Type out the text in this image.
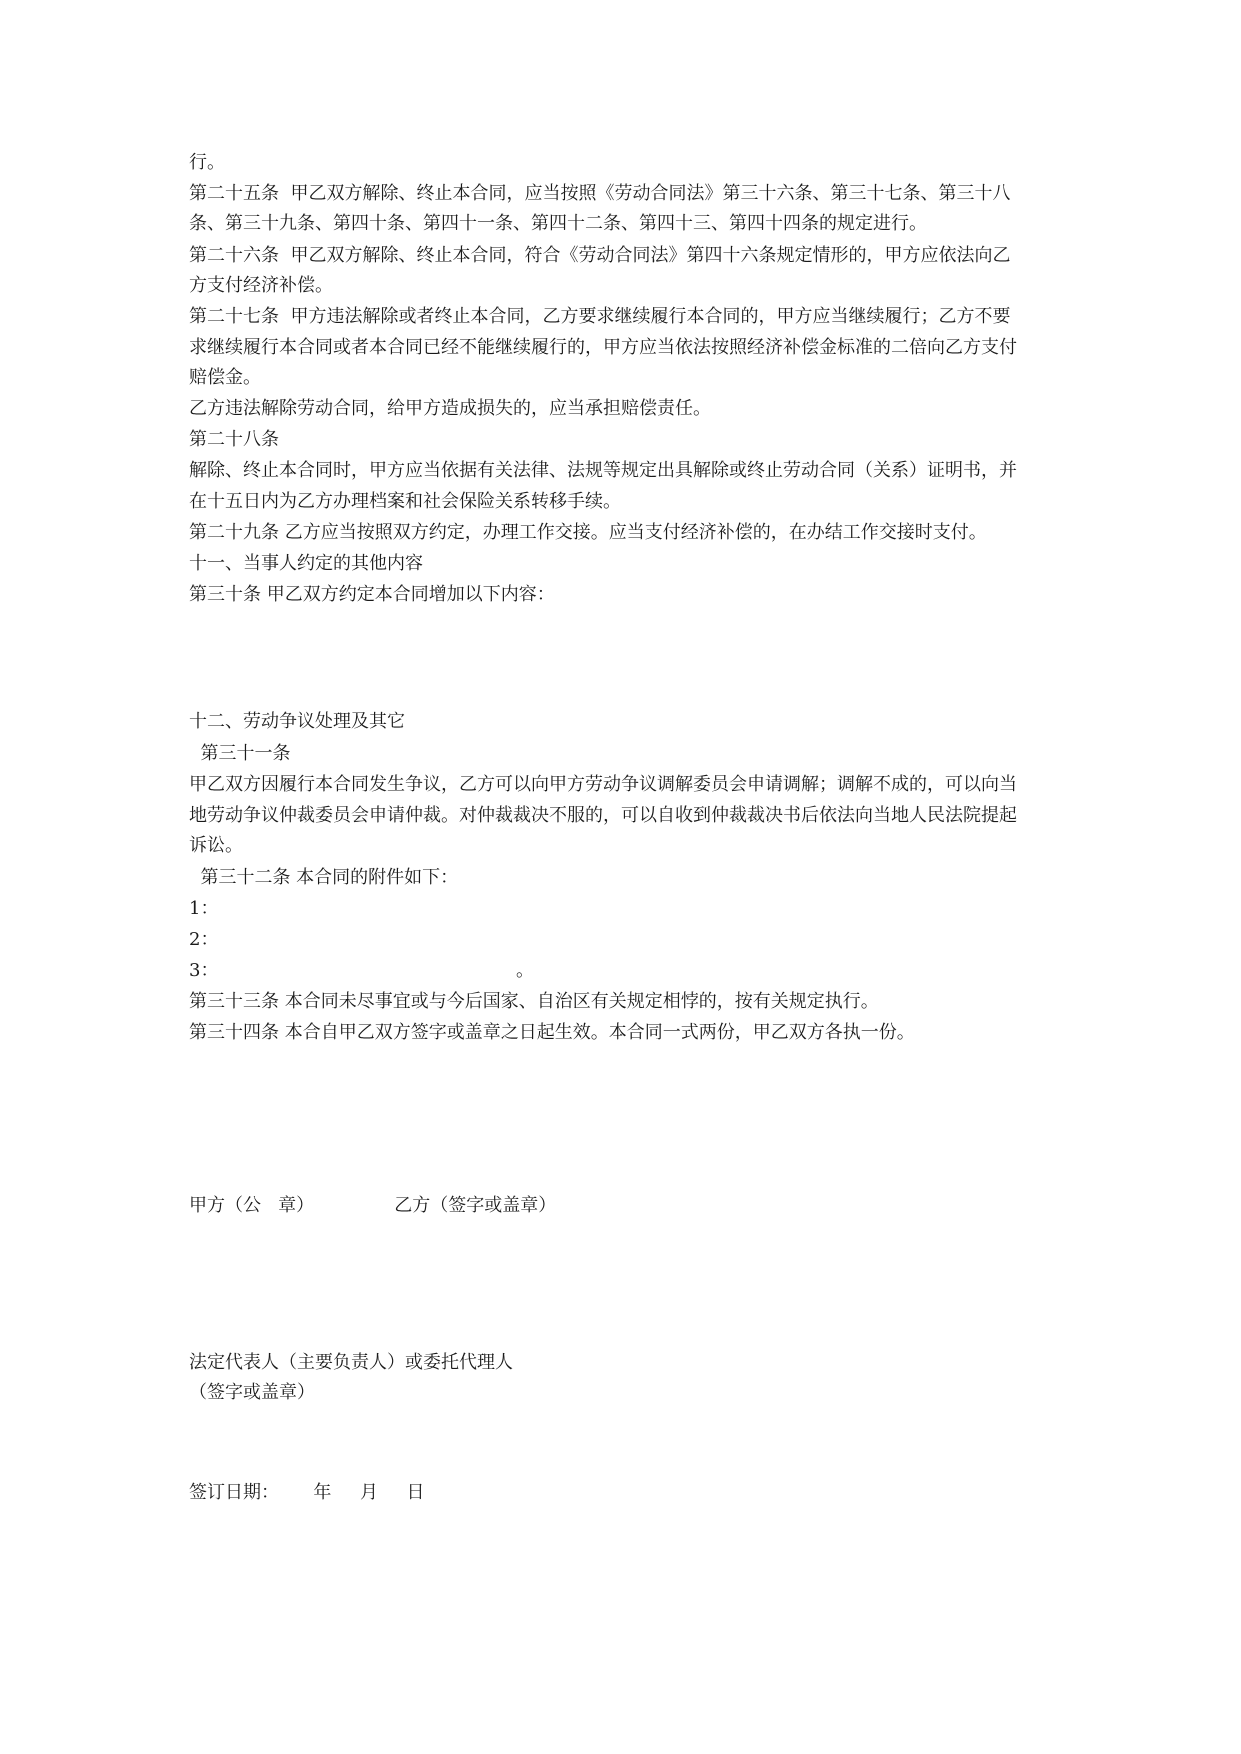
行。
第二十五条  甲乙双方解除、终止本合同，应当按照《劳动合同法》第三十六条、第三十七条、第三十八
条、第三十九条、第四十条、第四十一条、第四十二条、第四十三、第四十四条的规定进行。
第二十六条  甲乙双方解除、终止本合同，符合《劳动合同法》第四十六条规定情形的，甲方应依法向乙
方支付经济补偿。
第二十七条  甲方违法解除或者终止本合同，乙方要求继续履行本合同的，甲方应当继续履行；乙方不要
求继续履行本合同或者本合同已经不能继续履行的，甲方应当依法按照经济补偿金标准的二倍向乙方支付
赔偿金。
乙方违法解除劳动合同，给甲方造成损失的，应当承担赔偿责任。
第二十八条
解除、终止本合同时，甲方应当依据有关法律、法规等规定出具解除或终止劳动合同（关系）证明书，并
在十五日内为乙方办理档案和社会保险关系转移手续。
第二十九条 乙方应当按照双方约定，办理工作交接。应当支付经济补偿的，在办结工作交接时支付。
十一、当事人约定的其他内容
第三十条 甲乙双方约定本合同增加以下内容：
十二、劳动争议处理及其它
第三十一条
甲乙双方因履行本合同发生争议，乙方可以向甲方劳动争议调解委员会申请调解；调解不成的，可以向当
地劳动争议仲裁委员会申请仲裁。对仲裁裁决不服的，可以自收到仲裁裁决书后依法向当地人民法院提起
诉讼。
第三十二条 本合同的附件如下：
1：
2：
3：                                                    。
第三十三条 本合同未尽事宜或与今后国家、自治区有关规定相悖的，按有关规定执行。
第三十四条 本合自甲乙双方签字或盖章之日起生效。本合同一式两份，甲乙双方各执一份。
甲方（公   章）              乙方（签字或盖章）
法定代表人（主要负责人）或委托代理人
（签字或盖章）
签订日期：      年     月     日
